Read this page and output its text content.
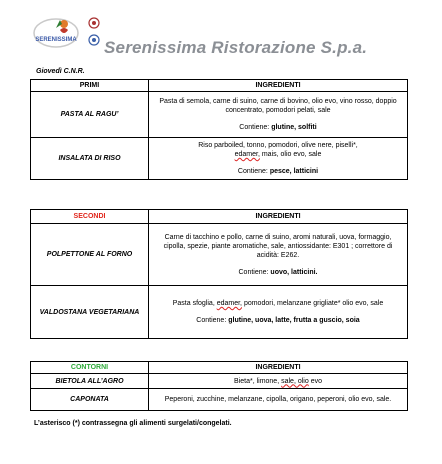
SERENISSIMA Serenissima Ristorazione S.p.a.
Giovedì C.N.R.
PRIMI	INGREDIENTI
PASTA AL RAGU’	Pasta di semola, carne di suino, carne di bovino, olio evo, vino rosso, doppio concentrato, pomodori pelati, sale
Contiene: glutine, solfiti

INSALATA DI RISO	Riso parboiled, tonno, pomodori, olive nere, piselli*,
edamer, mais, olio evo, sale
Contiene: pesce, latticini
SECONDI	INGREDIENTI
POLPETTONE AL FORNO	Carne di tacchino e pollo, carne di suino, aromi naturali, uova, formaggio, cipolla, spezie, piante aromatiche, sale, antiossidante: E301 ; correttore di acidità: E262.
Contiene: uovo, latticini.

VALDOSTANA VEGETARIANA	Pasta sfoglia, edamer, pomodori, melanzane grigliate* olio evo, sale
Contiene: glutine, uova, latte, frutta a guscio, soia
CONTORNI	INGREDIENTI
BIETOLA ALL’AGRO	Bieta*, limone, sale, olio evo
CAPONATA	Peperoni, zucchine, melanzane, cipolla, origano, peperoni, olio evo, sale.
L’asterisco (*) contrassegna gli alimenti surgelati/congelati.
